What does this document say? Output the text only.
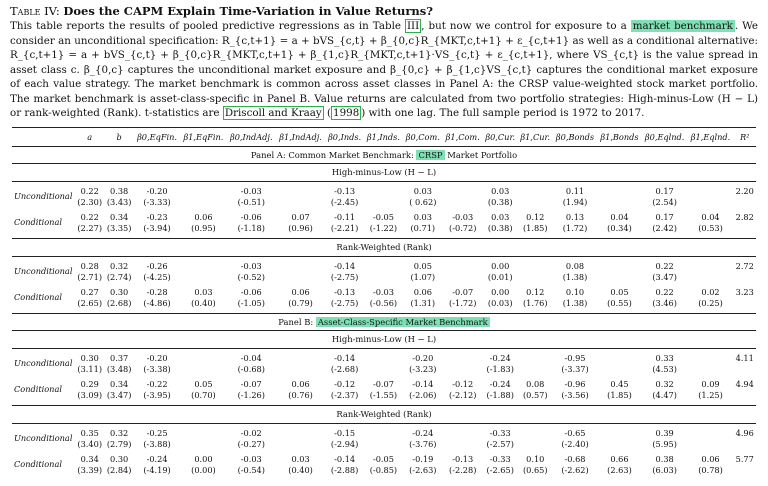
Table IV: Does the CAPM Explain Time-Variation in Value Returns?
This table reports the results of pooled predictive regressions as in Table III , but now we control for exposure to a market benchmark . We consider an unconditional specification: R_{c,t+1} = a + bVS_{c,t} + β_{0,c}R_{MKT,c,t+1} + ε_{c,t+1} as well as a conditional alternative: R_{c,t+1} = a + bVS_{c,t} + β_{0,c}R_{MKT,c,t+1} + β_{1,c}R_{MKT,c,t+1}·VS_{c,t} + ε_{c,t+1}, where VS_{c,t} is the value spread in asset class c. β_{0,c} captures the unconditional market exposure and β_{0,c} + β_{1,c}VS_{c,t} captures the conditional market exposure of each value strategy. The market benchmark is common across asset classes in Panel A: the CRSP value-weighted stock market portfolio. The market benchmark is asset-class-specific in Panel B. Value returns are calculated from two portfolio strategies: High-minus-Low (H − L) or rank-weighted (Rank). t-statistics are Driscoll and Kraay ( 1998 ) with one lag. The full sample period is 1972 to 2017.
	a	b	β0,EqFin.	β1,EqFin.	β0,IndAdj.	β1,IndAdj.	β0,Inds.	β1,Inds.	β0,Com.	β1,Com.	β0,Cur.	β1,Cur.	β0,Bonds	β1,Bonds	β0,Eqlnd.	β1,Eqlnd.	R²
Panel A: Common Market Benchmark: CRSP Market Portfolio																	
High-minus-Low (H − L)																	

Unconditional	0.22	0.38	-0.20		-0.03		-0.13		0.03		0.03		0.11		0.17		2.20
	(2.30)	(3.43)	(-3.33)		(-0.51)		(-2.45)		( 0.62)		(0.38)		(1.94)		(2.54)		

Conditional	0.22	0.34	-0.23	0.06	-0.06	0.07	-0.11	-0.05	0.03	-0.03	0.03	0.12	0.13	0.04	0.17	0.04	2.82
	(2.27)	(3.35)	(-3.94)	(0.95)	(-1.18)	(0.96)	(-2.21)	(-1.22)	(0.71)	(-0.72)	(0.38)	(1.85)	(1.72)	(0.34)	(2.42)	(0.53)	

Rank-Weighted (Rank)																	

Unconditional	0.28	0.32	-0.26		-0.03		-0.14		0.05		0.00		0.08		0.22		2.72
	(2.71)	(2.74)	(-4.25)		(-0.52)		(-2.75)		(1.07)		(0.01)		(1.38)		(3.47)		

Conditional	0.27	0.30	-0.28	0.03	-0.06	0.06	-0.13	-0.03	0.06	-0.07	0.00	0.12	0.10	0.05	0.22	0.02	3.23
	(2.65)	(2.68)	(-4.86)	(0.40)	(-1.05)	(0.79)	(-2.75)	(-0.56)	(1.31)	(-1.72)	(0.03)	(1.76)	(1.38)	(0.55)	(3.46)	(0.25)	

Panel B: Asset-Class-Specific Market Benchmark																	
High-minus-Low (H − L)																	

Unconditional	0.30	0.37	-0.20		-0.04		-0.14		-0.20		-0.24		-0.95		0.33		4.11
	(3.11)	(3.48)	(-3.38)		(-0.68)		(-2.68)		(-3.23)		(-1.83)		(-3.37)		(4.53)		

Conditional	0.29	0.34	-0.22	0.05	-0.07	0.06	-0.12	-0.07	-0.14	-0.12	-0.24	0.08	-0.96	0.45	0.32	0.09	4.94
	(3.09)	(3.47)	(-3.95)	(0.70)	(-1.26)	(0.76)	(-2.37)	(-1.55)	(-2.06)	(-2.12)	(-1.88)	(0.57)	(-3.56)	(1.85)	(4.47)	(1.25)	

Rank-Weighted (Rank)																	

Unconditional	0.35	0.32	-0.25		-0.02		-0.15		-0.24		-0.33		-0.65		0.39		4.96
	(3.40)	(2.79)	(-3.88)		(-0.27)		(-2.94)		(-3.76)		(-2.57)		(-2.40)		(5.95)		

Conditional	0.34	0.30	-0.24	0.00	-0.03	0.03	-0.14	-0.05	-0.19	-0.13	-0.33	0.10	-0.68	0.66	0.38	0.06	5.77
	(3.39)	(2.84)	(-4.19)	(0.00)	(-0.54)	(0.40)	(-2.88)	(-0.85)	(-2.63)	(-2.28)	(-2.65)	(0.65)	(-2.62)	(2.63)	(6.03)	(0.78)	
